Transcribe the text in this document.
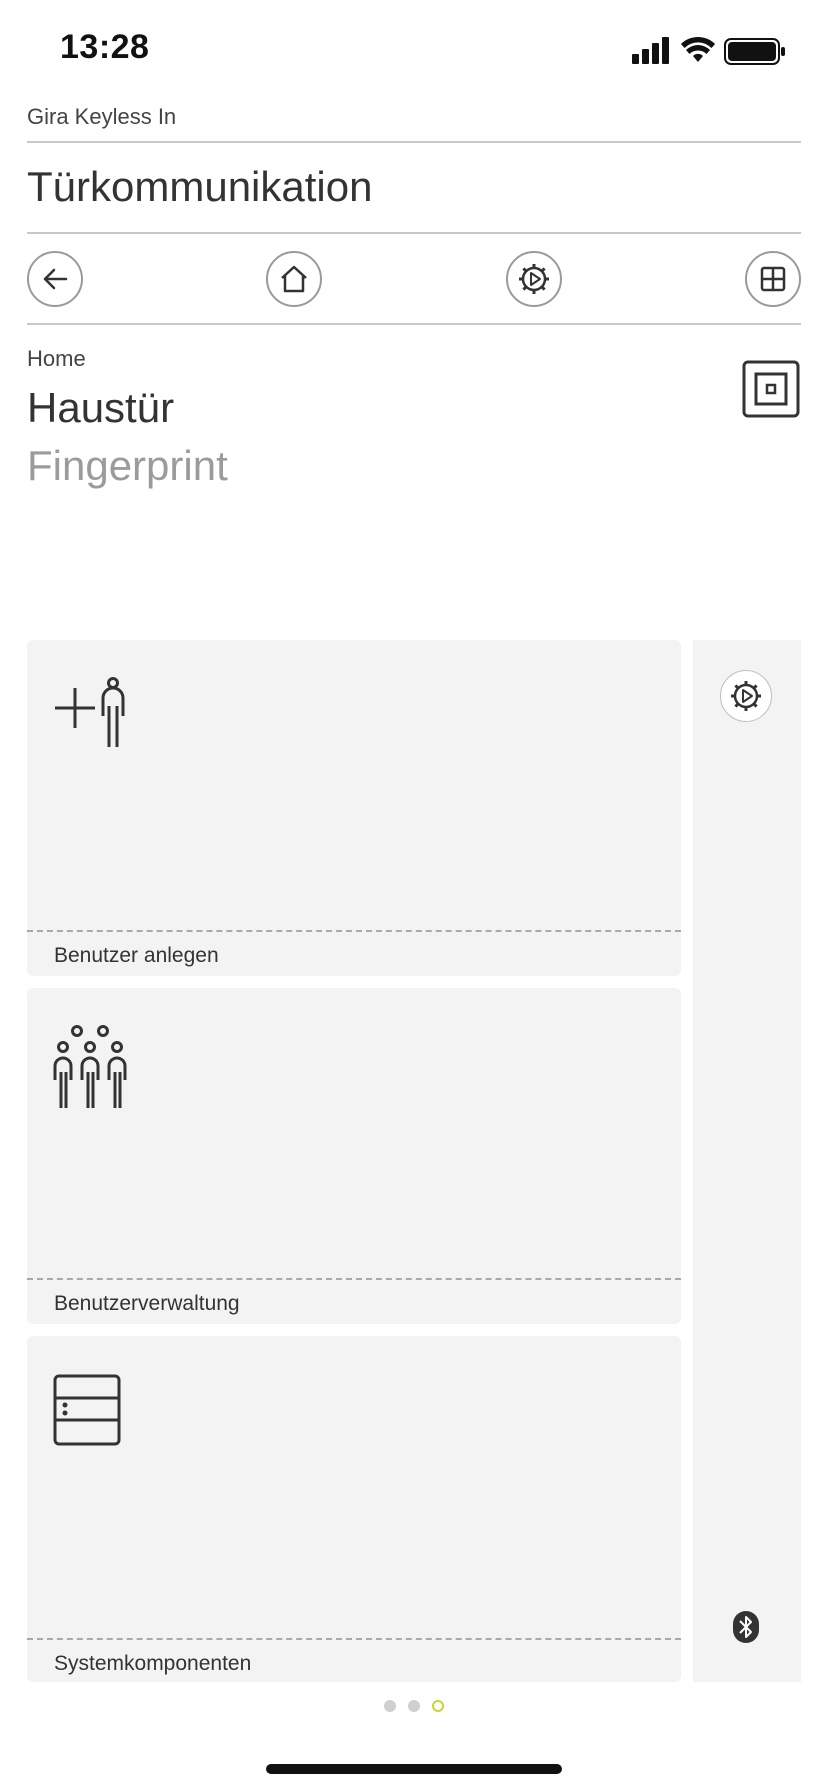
13:28
Gira Keyless In
Türkommunikation
Home
Haustür
Fingerprint
Benutzer anlegen
Benutzerverwaltung
Systemkomponenten
